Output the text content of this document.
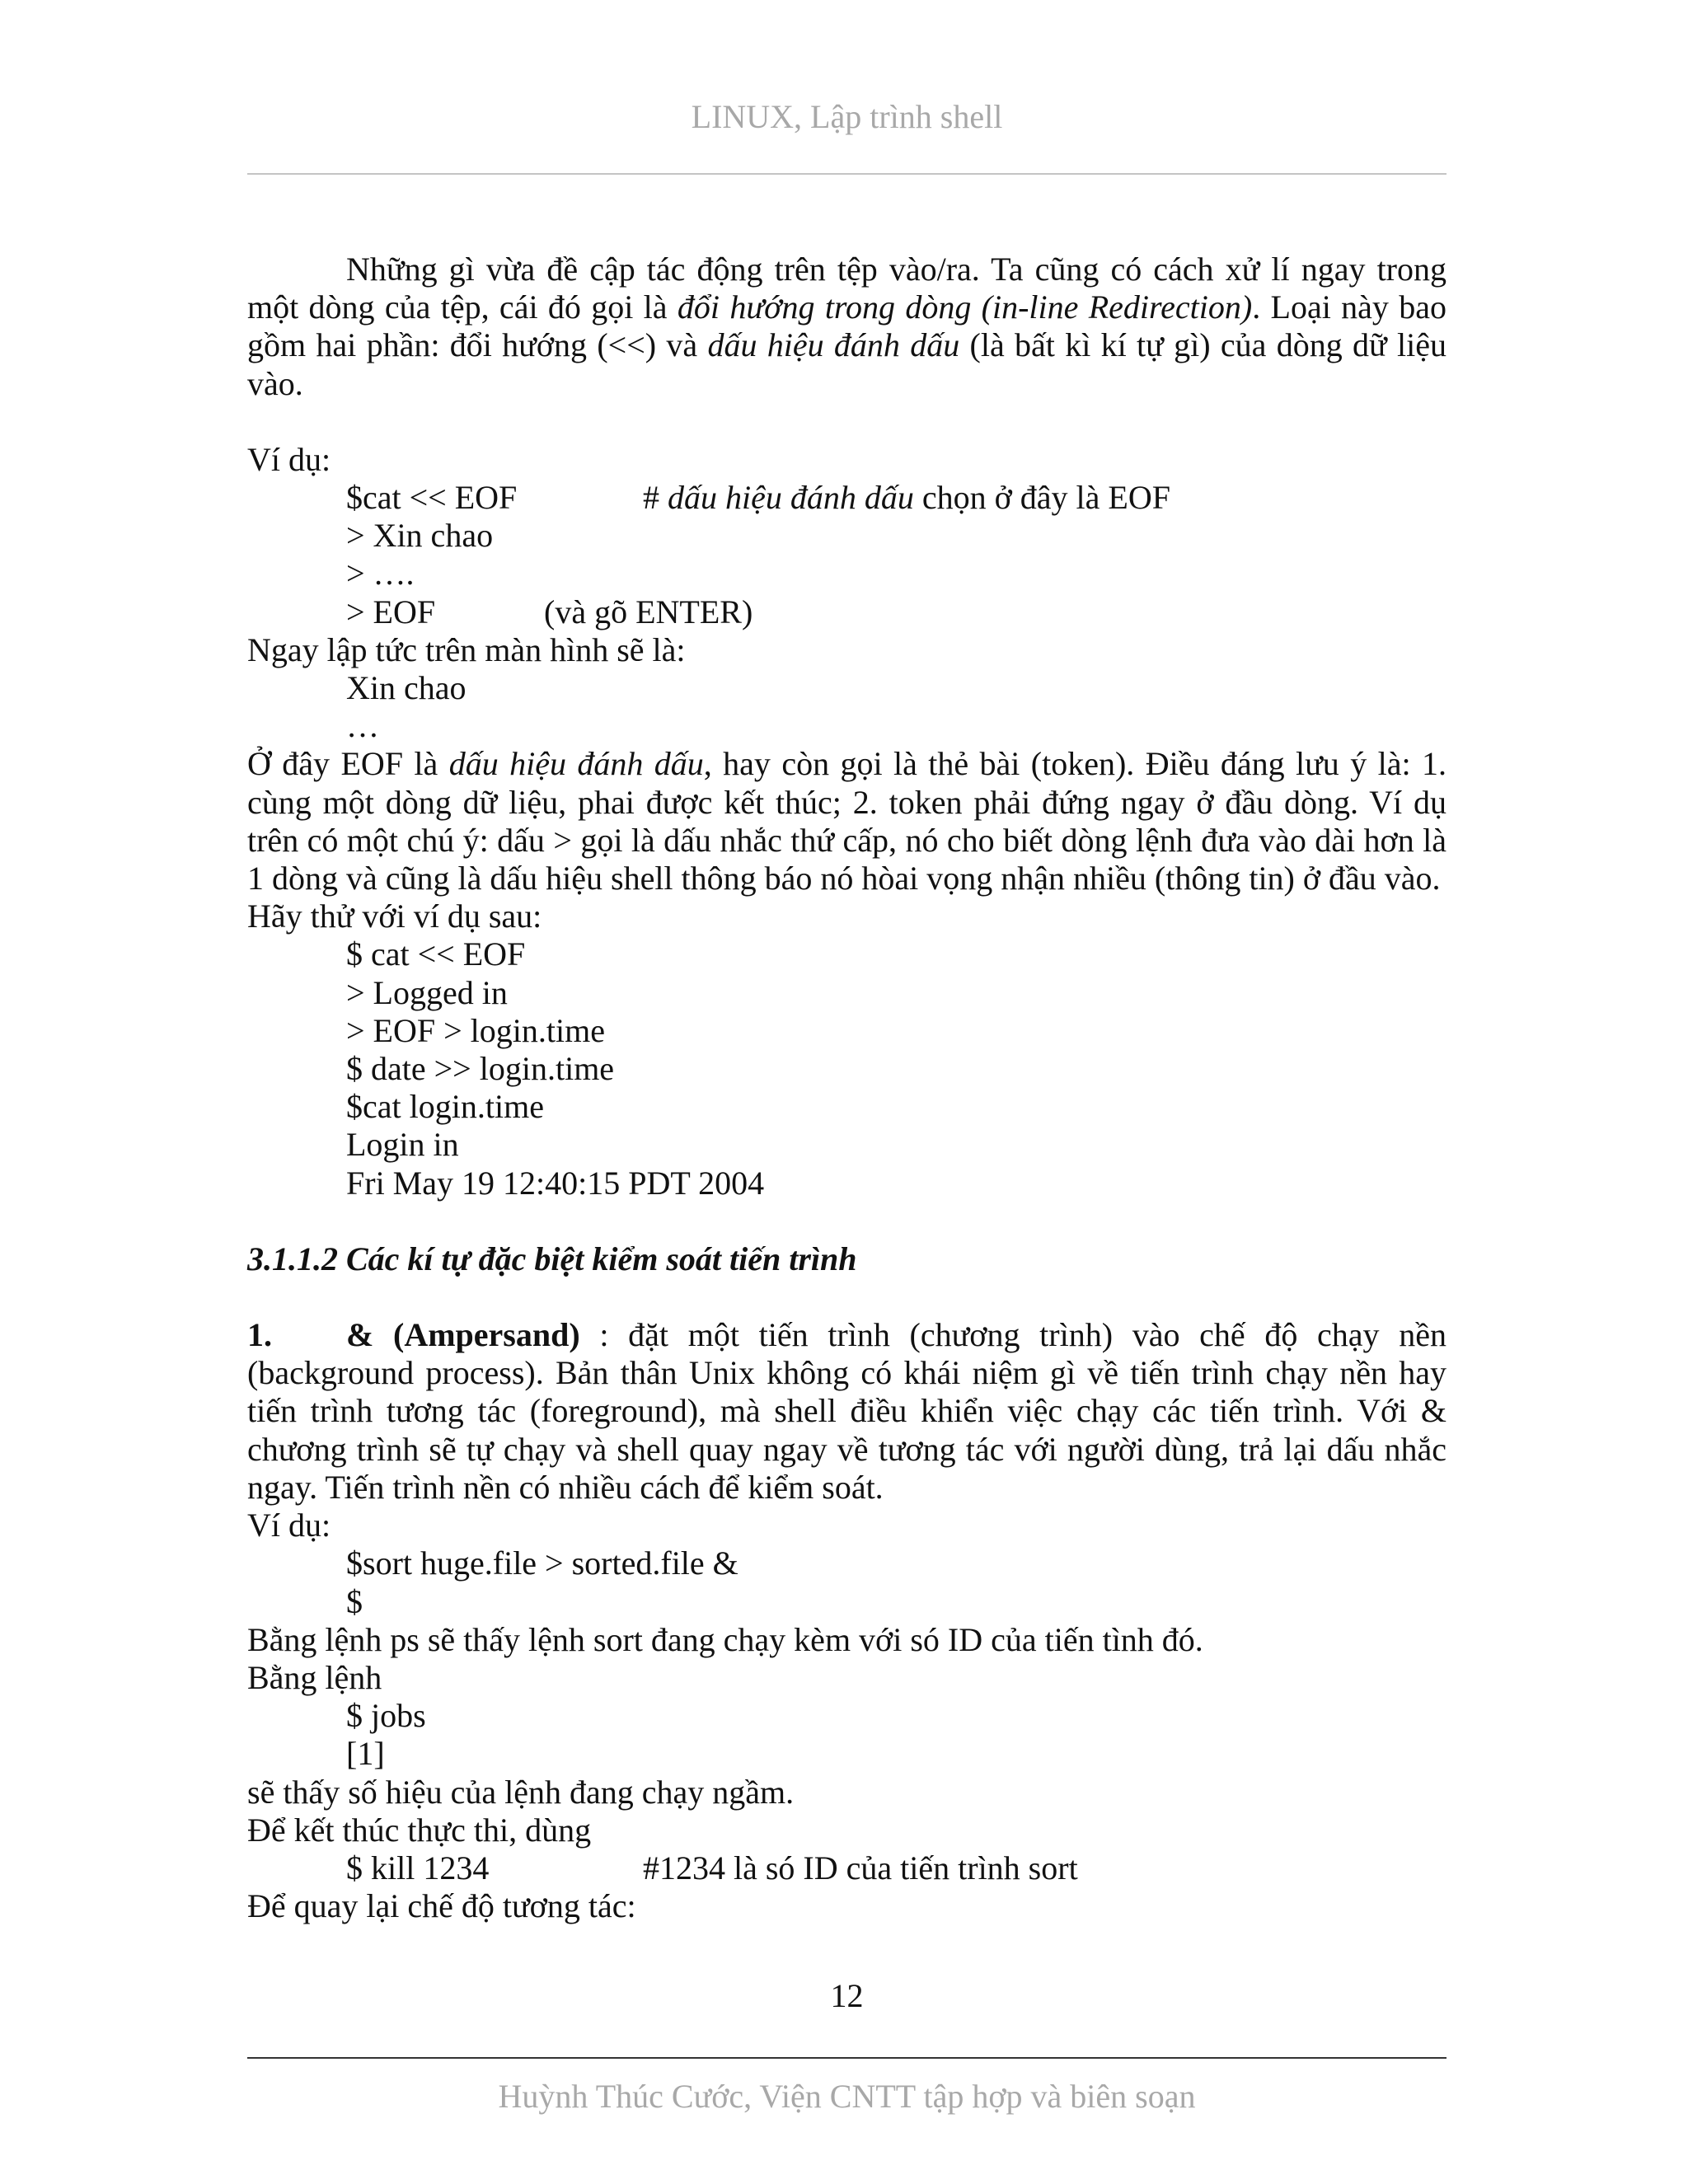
LINUX, Lập trình shell

Những gì vừa đề cập tác động trên tệp vào/ra. Ta cũng có cách xử lí ngay trong một dòng của tệp, cái đó gọi là đổi hướng trong dòng (in-line Redirection). Loại này bao gồm hai phần: đổi hướng (<<) và dấu hiệu đánh dấu (là bất kì kí tự gì) của dòng dữ liệu vào.

Ví dụ:

$cat << EOF	# dấu hiệu đánh dấu chọn ở đây là EOF

> Xin chao

> ….

> EOF	(và gõ ENTER)

Ngay lập tức trên màn hình sẽ là:

Xin chao

…

Ở đây EOF là dấu hiệu đánh dấu, hay còn gọi là thẻ bài (token). Điều đáng lưu ý là: 1. cùng một dòng dữ liệu, phai được kết thúc; 2. token phải đứng ngay ở đầu dòng. Ví dụ trên có một chú ý: dấu > gọi là dấu nhắc thứ cấp, nó cho biết dòng lệnh đưa vào dài hơn là 1 dòng và cũng là dấu hiệu shell thông báo nó hòai vọng nhận nhiều (thông tin) ở đầu vào.

Hãy thử với ví dụ sau:

$ cat << EOF

> Logged in

> EOF > login.time

$ date >> login.time

$cat login.time

Login in

Fri May 19 12:40:15 PDT 2004

3.1.1.2 Các kí tự đặc biệt kiểm soát tiến trình

1. & (Ampersand) : đặt một tiến trình (chương trình) vào chế độ chạy nền (background process). Bản thân Unix không có khái niệm gì về tiến trình chạy nền hay tiến trình tương tác (foreground), mà shell điều khiển việc chạy các tiến trình. Với & chương trình sẽ tự chạy và shell quay ngay về tương tác với người dùng, trả lại dấu nhắc ngay. Tiến trình nền có nhiều cách để kiểm soát.

Ví dụ:

$sort huge.file > sorted.file &

$

Bằng lệnh ps sẽ thấy lệnh sort đang chạy kèm với só ID của tiến tình đó.

Bằng lệnh

$ jobs

[1]

sẽ thấy số hiệu của lệnh đang chạy ngầm.

Để kết thúc thực thi, dùng

$ kill 1234	#1234 là só ID của tiến trình sort

Để quay lại chế độ tương tác:

12
Huỳnh Thúc Cước, Viện CNTT tập hợp và biên soạn
